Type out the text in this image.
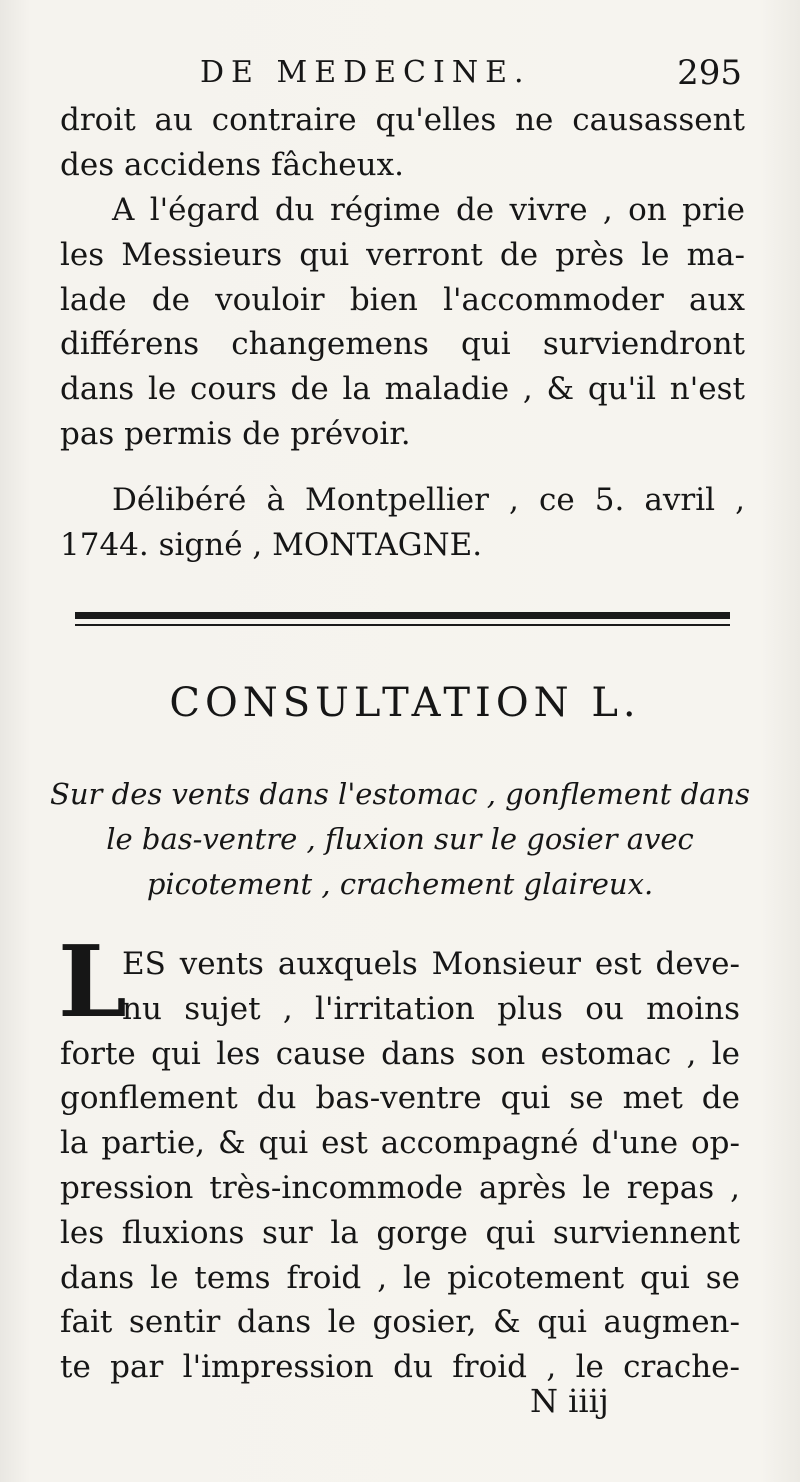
DE MEDECINE.	295
droit au contraire qu'elles ne causassent
des accidens fâcheux.
A l'égard du régime de vivre , on prie
les Messieurs qui verront de près le ma-
lade de vouloir bien l'accommoder aux
différens changemens qui surviendront
dans le cours de la maladie , & qu'il n'est
pas permis de prévoir.
Délibéré à Montpellier , ce 5. avril ,
1744. signé , MONTAGNE.
CONSULTATION L.
Sur des vents dans l'estomac , gonflement dans
le bas-ventre , fluxion sur le gosier avec
picotement , crachement glaireux.
L
ES vents auxquels Monsieur est deve-
nu sujet , l'irritation plus ou moins
forte qui les cause dans son estomac , le
gonflement du bas-ventre qui se met de
la partie, & qui est accompagné d'une op-
pression très-incommode après le repas ,
les fluxions sur la gorge qui surviennent
dans le tems froid , le picotement qui se
fait sentir dans le gosier, & qui augmen-
te par l'impression du froid , le crache-
N iiij
